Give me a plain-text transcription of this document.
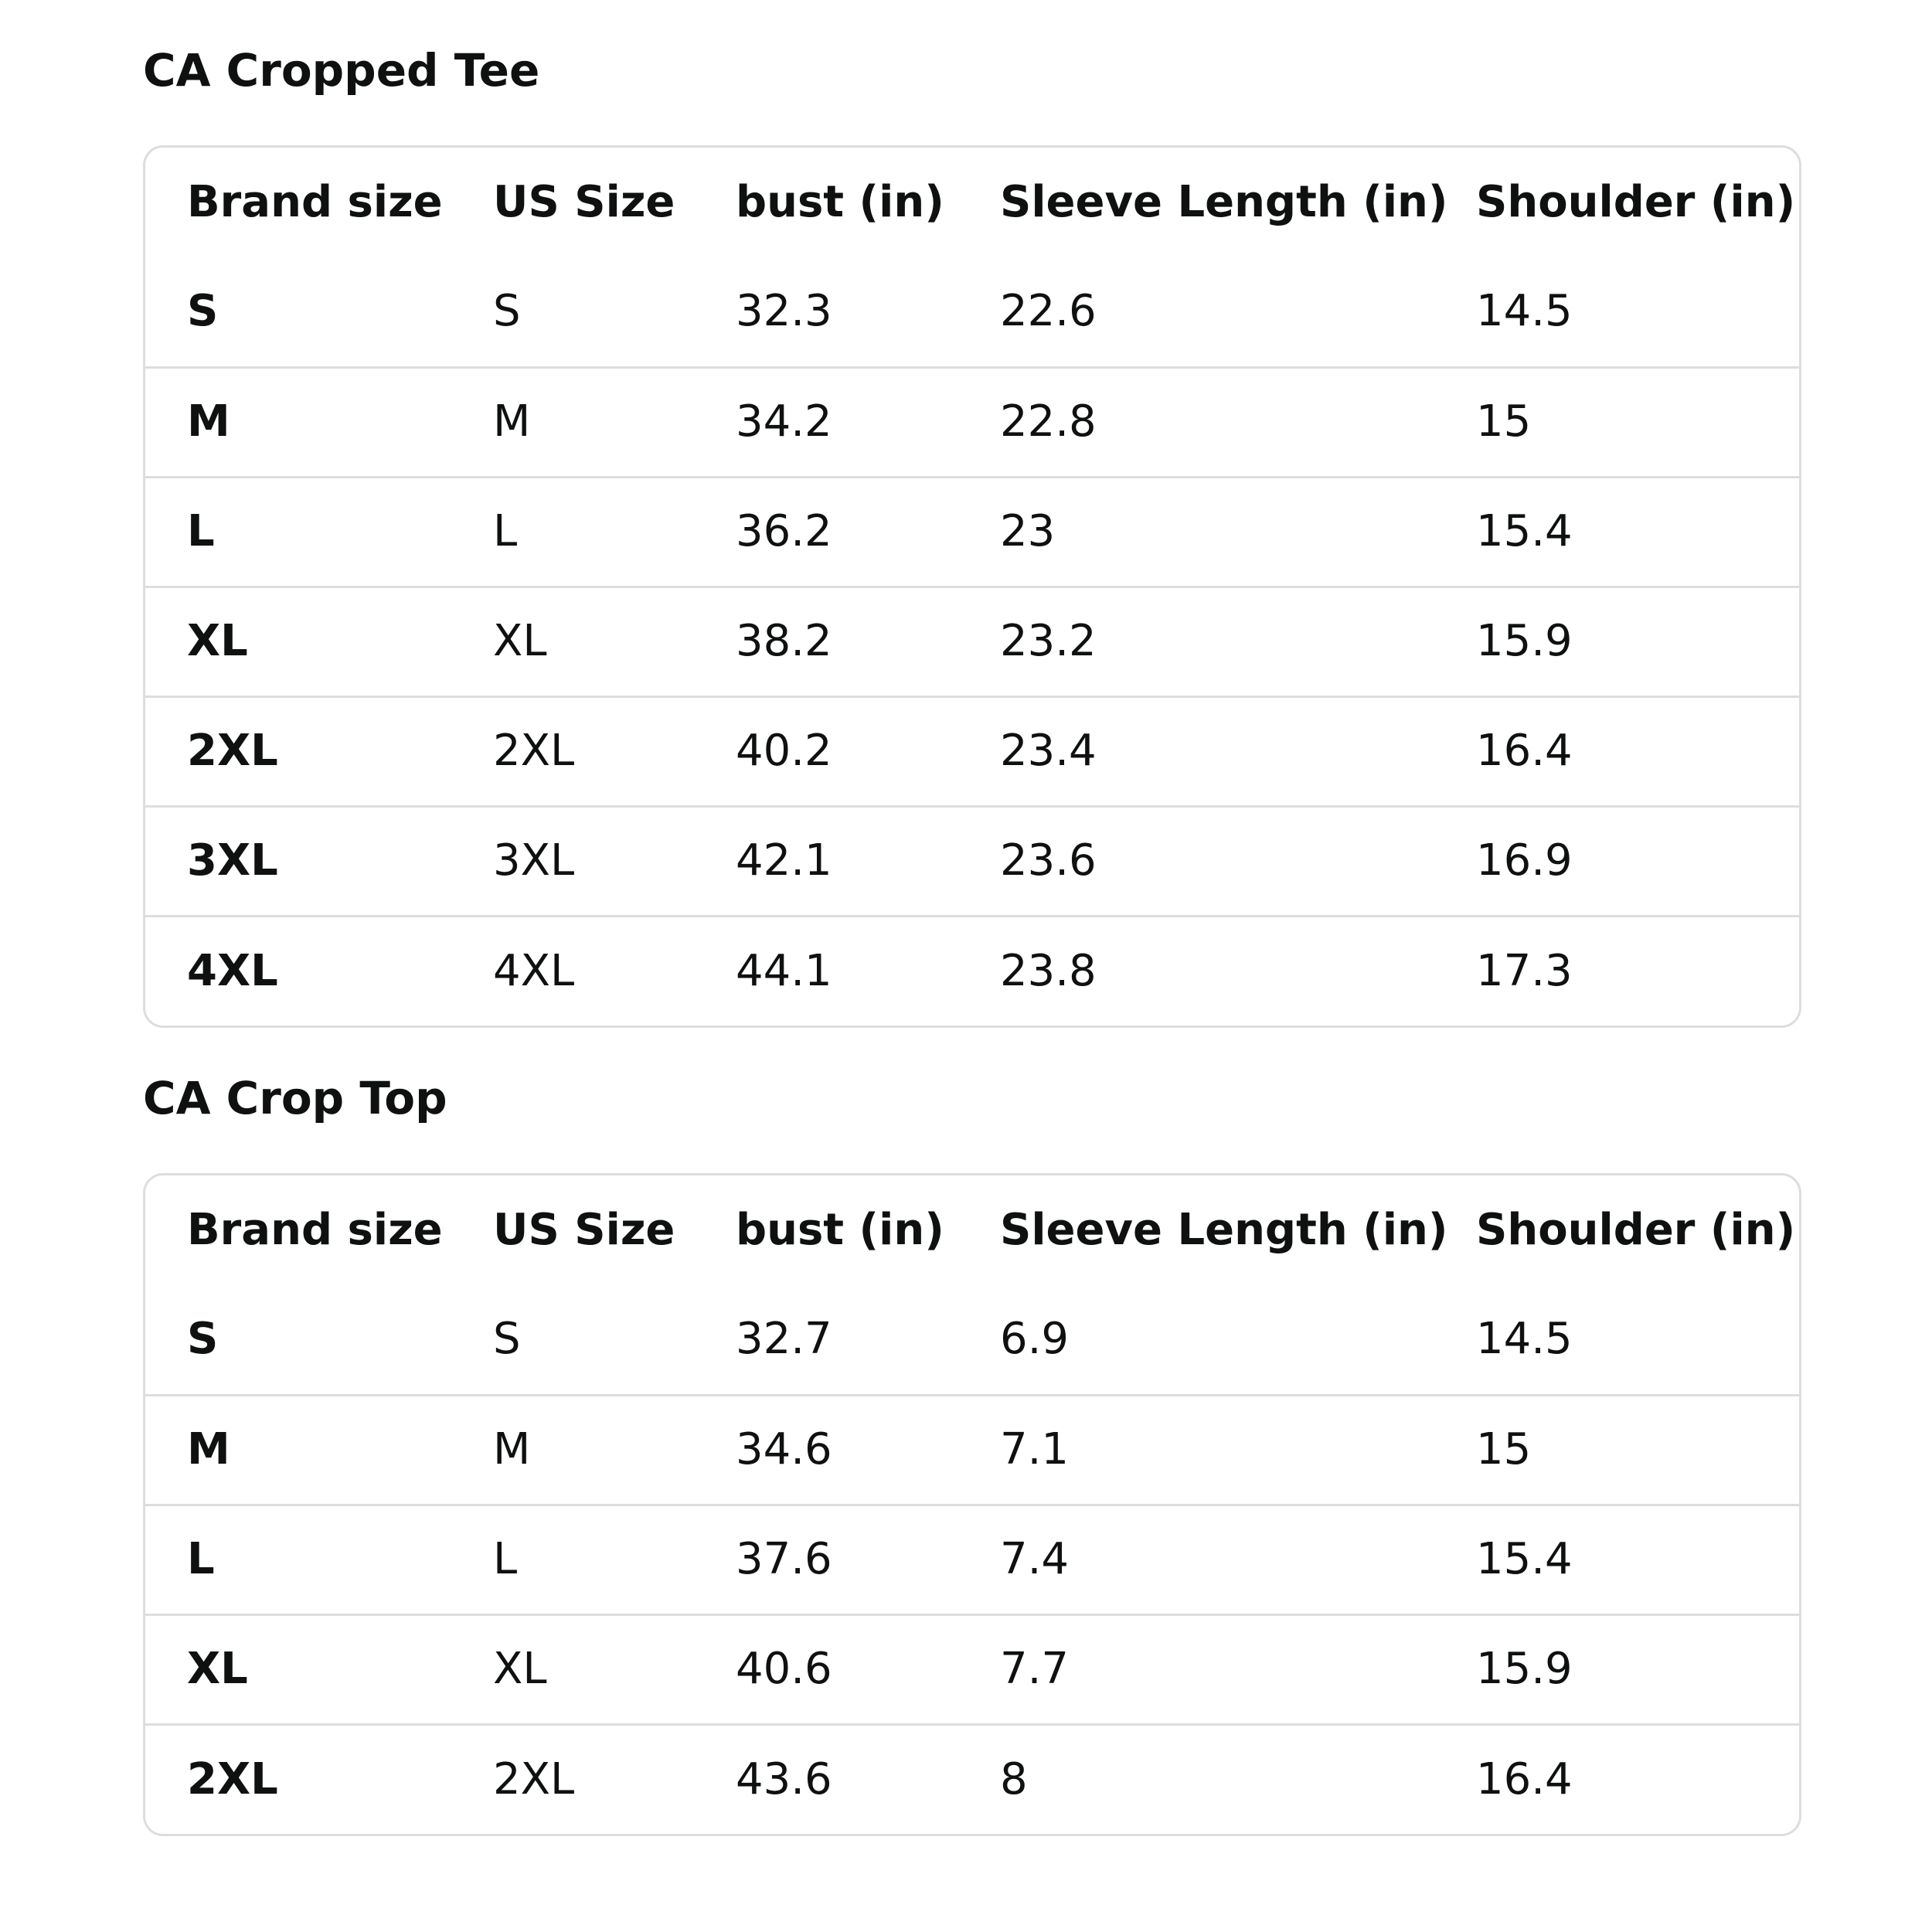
CA Cropped Tee
Brand size	US Size	bust (in)	Sleeve Length (in)	Shoulder (in)
S	S	32.3	22.6	14.5
M	M	34.2	22.8	15
L	L	36.2	23	15.4
XL	XL	38.2	23.2	15.9
2XL	2XL	40.2	23.4	16.4
3XL	3XL	42.1	23.6	16.9
4XL	4XL	44.1	23.8	17.3
CA Crop Top
Brand size	US Size	bust (in)	Sleeve Length (in)	Shoulder (in)
S	S	32.7	6.9	14.5
M	M	34.6	7.1	15
L	L	37.6	7.4	15.4
XL	XL	40.6	7.7	15.9
2XL	2XL	43.6	8	16.4
